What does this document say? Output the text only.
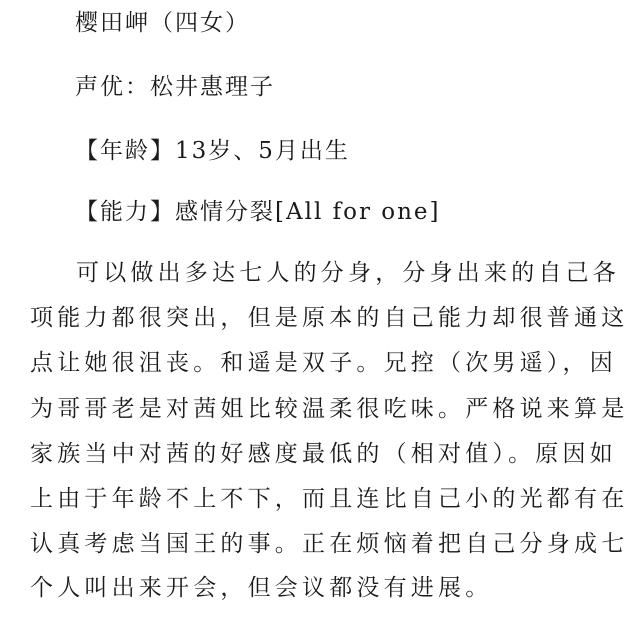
樱田岬（四女）
声优：松井惠理子
【年龄】13岁、5月出生
【能力】感情分裂[All for one]
可以做出多达七人的分身，分身出来的自己各
项能力都很突出，但是原本的自己能力却很普通这
点让她很沮丧。和遥是双子。兄控（次男遥），因
为哥哥老是对茜姐比较温柔很吃味。严格说来算是
家族当中对茜的好感度最低的（相对值）。原因如
上由于年龄不上不下，而且连比自己小的光都有在
认真考虑当国王的事。正在烦恼着把自己分身成七
个人叫出来开会，但会议都没有进展。
